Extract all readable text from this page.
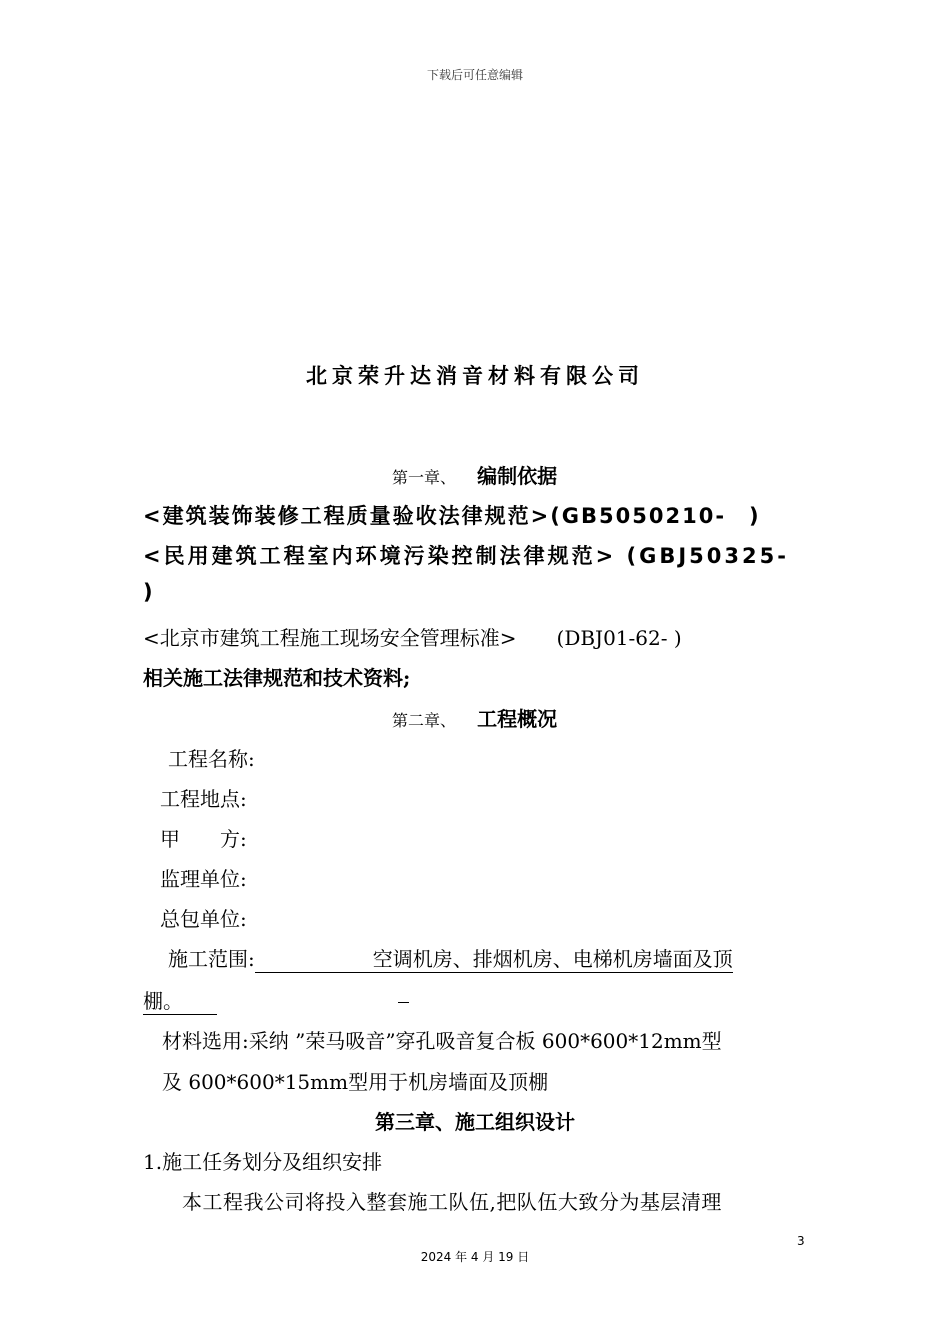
下载后可任意编辑
北京荣升达消音材料有限公司
第一章、 编制依据
<建筑装饰装修工程质量验收法律规范>(GB5050210-　)
<民用建筑工程室内环境污染控制法律规范> (GBJ50325-
)
<北京市建筑工程施工现场安全管理标准>　　(DBJ01-62- )
相关施工法律规范和技术资料;
第二章、 工程概况
工程名称:
工程地点:
甲　　方:
监理单位:
总包单位:
施工范围:	空调机房、排烟机房、电梯机房墙面及顶
棚。
材料选用:采纳 ”荣马吸音”穿孔吸音复合板 600*600*12mm型
及 600*600*15mm型用于机房墙面及顶棚
第三章、施工组织设计
1.施工任务划分及组织安排
本工程我公司将投入整套施工队伍,把队伍大致分为基层清理
3
2024 年 4 月 19 日
